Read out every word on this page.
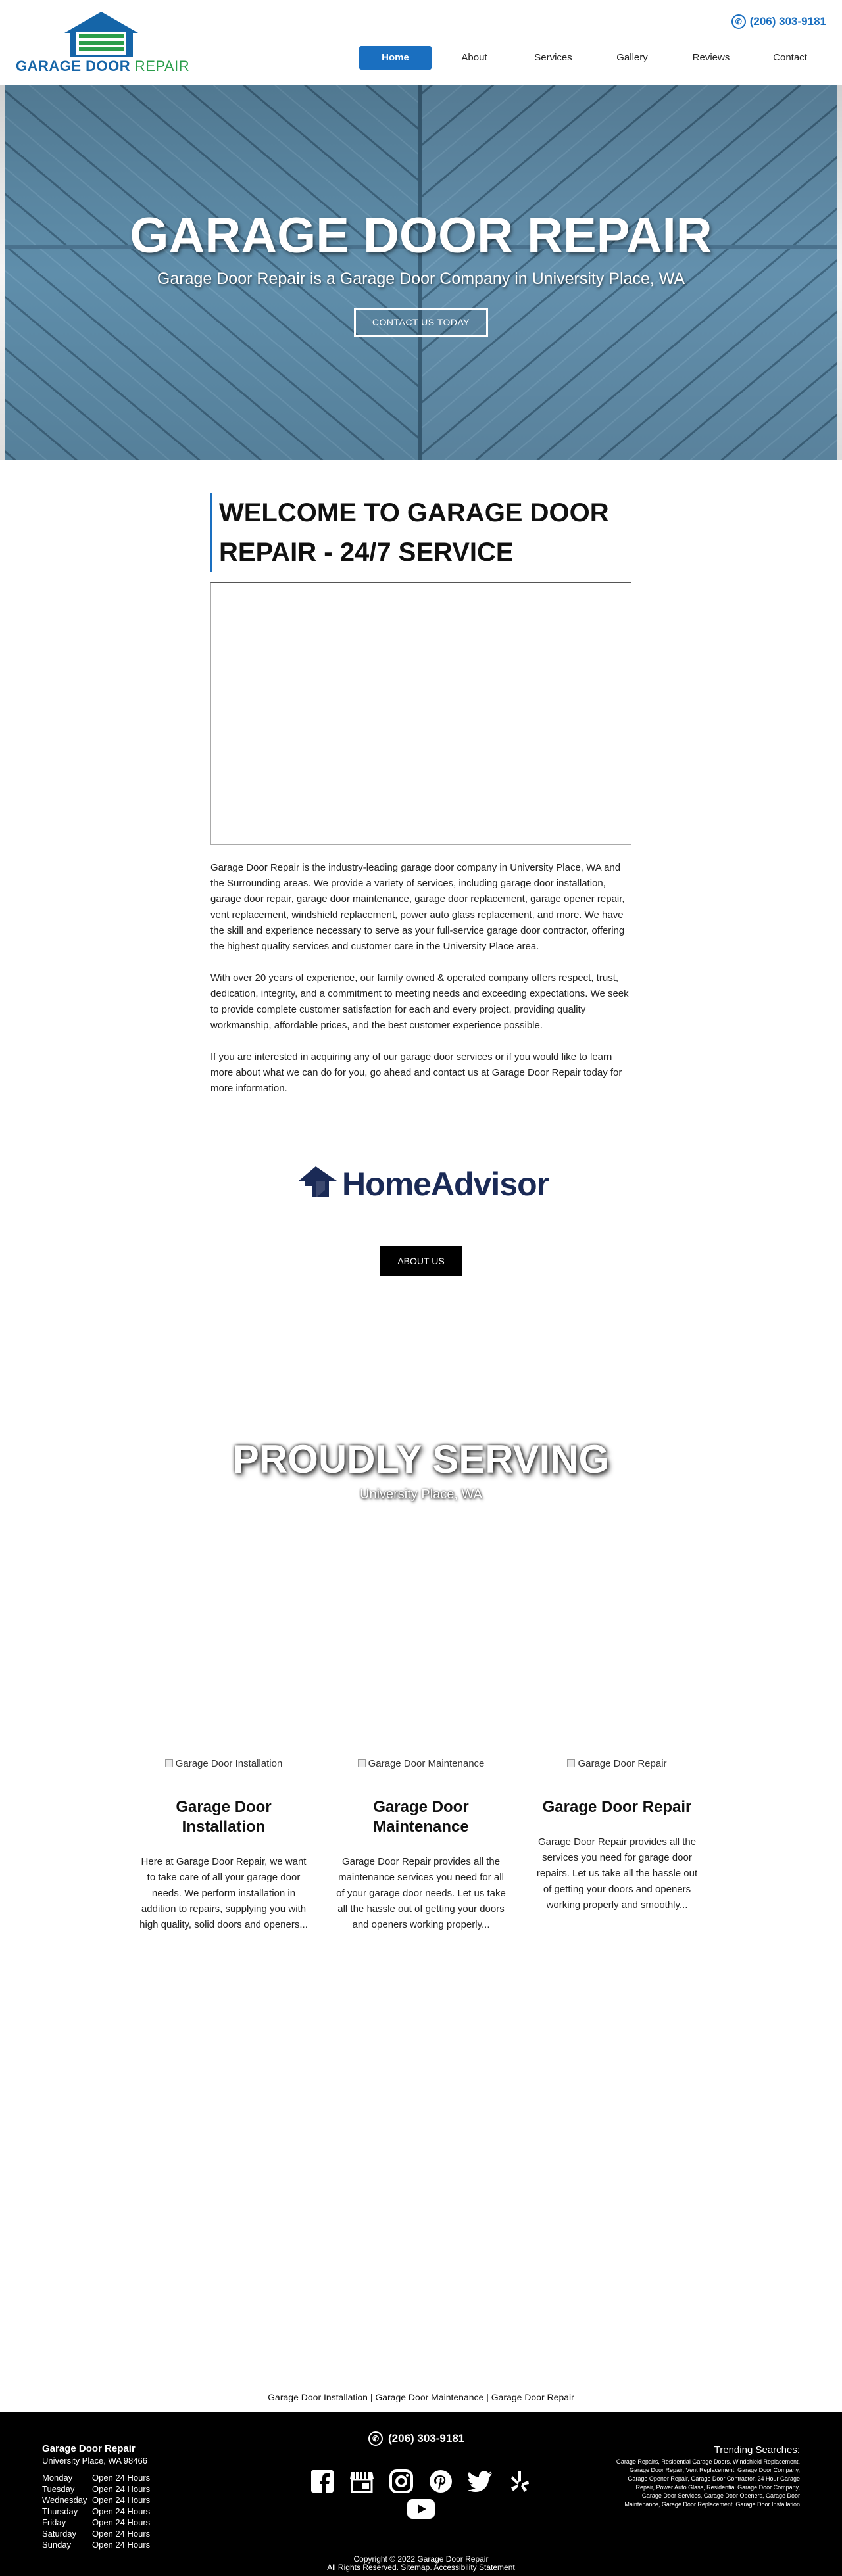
GARAGE DOOR REPAIR
✆ (206) 303-9181
Home	About	Services	Gallery	Reviews	Contact
GARAGE DOOR REPAIR
Garage Door Repair is a Garage Door Company in University Place, WA
CONTACT US TODAY
WELCOME TO GARAGE DOOR REPAIR - 24/7 SERVICE

Garage Door Repair is the industry-leading garage door company in University Place, WA and the Surrounding areas. We provide a variety of services, including garage door installation, garage door repair, garage door maintenance, garage door replacement, garage opener repair, vent replacement, windshield replacement, power auto glass replacement, and more. We have the skill and experience necessary to serve as your full-service garage door contractor, offering the highest quality services and customer care in the University Place area.

With over 20 years of experience, our family owned & operated company offers respect, trust, dedication, integrity, and a commitment to meeting needs and exceeding expectations. We seek to provide complete customer satisfaction for each and every project, providing quality workmanship, affordable prices, and the best customer experience possible.

If you are interested in acquiring any of our garage door services or if you would like to learn more about what we can do for you, go ahead and contact us at Garage Door Repair today for more information.

HomeAdvisor
ABOUT US
PROUDLY SERVING
University Place, WA
Garage Door Installation
Garage Door Installation

Here at Garage Door Repair, we want to take care of all your garage door needs. We perform installation in addition to repairs, supplying you with high quality, solid doors and openers...

Garage Door Maintenance
Garage Door Maintenance

Garage Door Repair provides all the maintenance services you need for all of your garage door needs. Let us take all the hassle out of getting your doors and openers working properly...

Garage Door Repair
Garage Door Repair

Garage Door Repair provides all the services you need for garage door repairs. Let us take all the hassle out of getting your doors and openers working properly and smoothly...

Garage Door Installation | Garage Door Maintenance | Garage Door Repair
Garage Door Repair
University Place, WA 98466
Monday	Open 24 Hours
Tuesday	Open 24 Hours
Wednesday Open 24 Hours
Thursday	Open 24 Hours
Friday	Open 24 Hours
Saturday	Open 24 Hours
Sunday	Open 24 Hours
✆ (206) 303-9181
Trending Searches:
Garage Repairs, Residential Garage Doors, Windshield Replacement, Garage Door Repair, Vent Replacement, Garage Door Company, Garage Opener Repair, Garage Door Contractor, 24 Hour Garage Repair, Power Auto Glass, Residential Garage Door Company, Garage Door Services, Garage Door Openers, Garage Door Maintenance, Garage Door Replacement, Garage Door Installation
Copyright © 2022 Garage Door Repair
All Rights Reserved. Sitemap. Accessibility Statement
